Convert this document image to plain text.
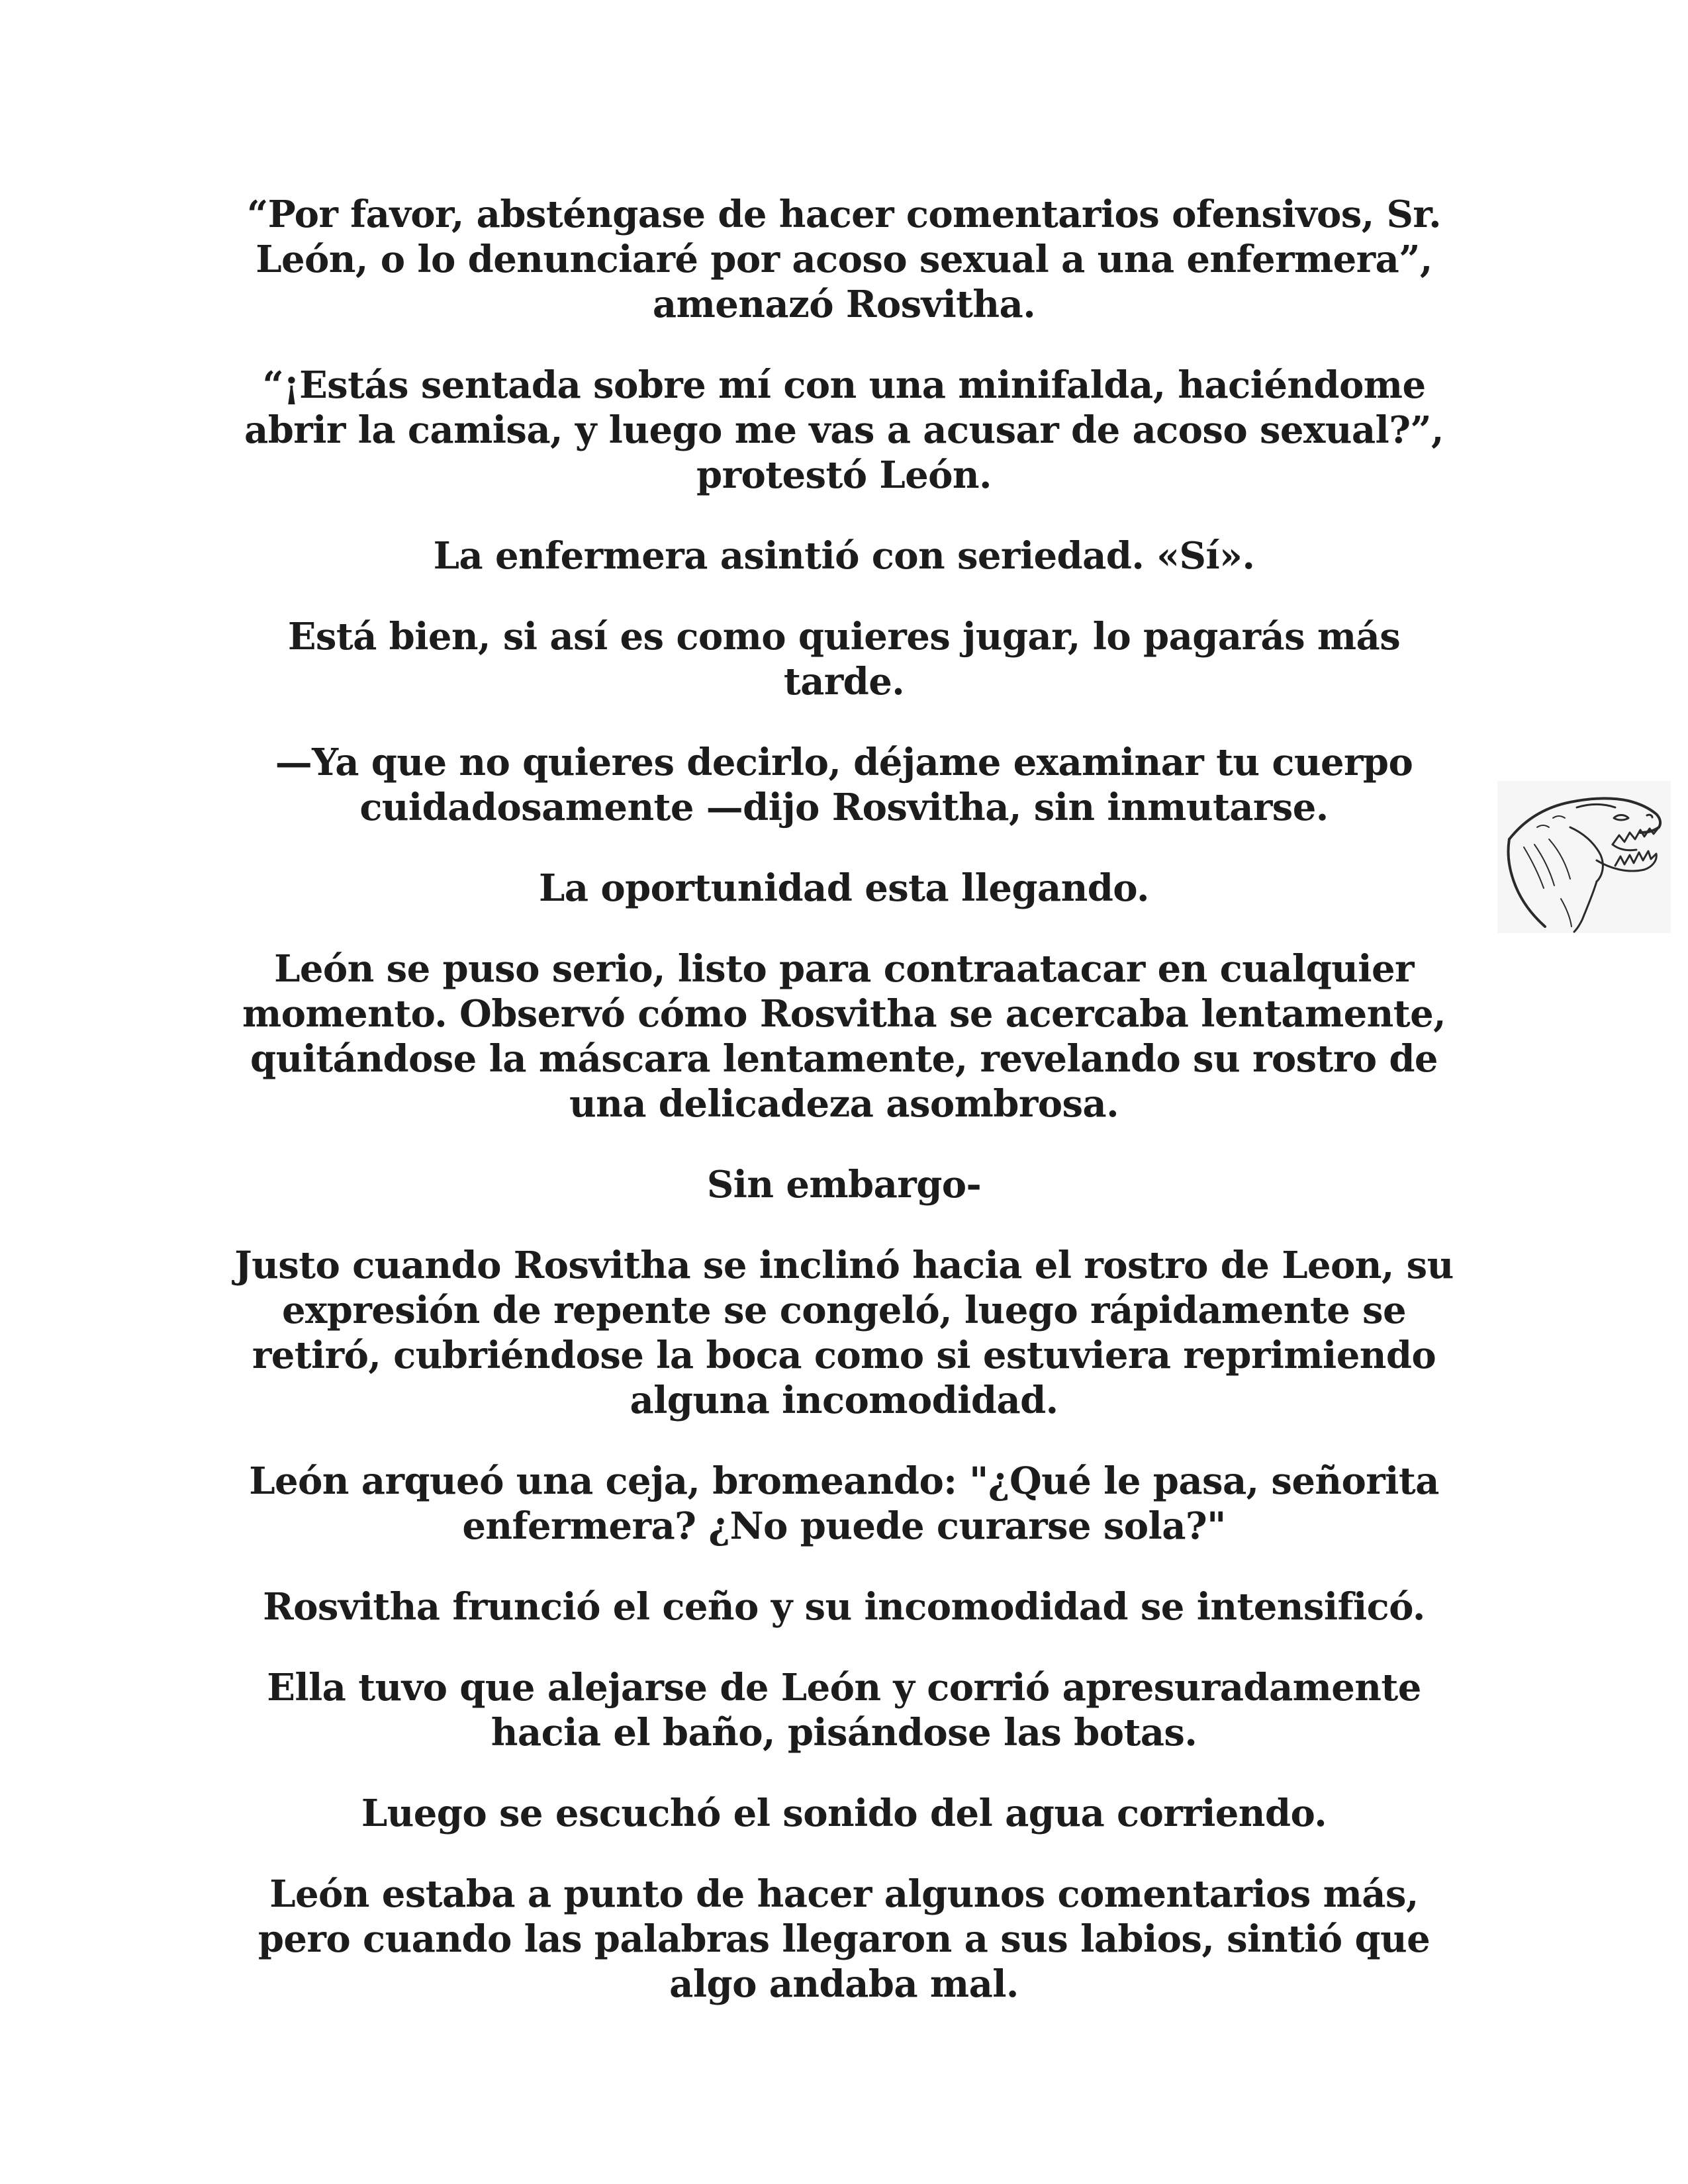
“Por favor, absténgase de hacer comentarios ofensivos, Sr. León, o lo denunciaré por acoso sexual a una enfermera”, amenazó Rosvitha.

“¡Estás sentada sobre mí con una minifalda, haciéndome abrir la camisa, y luego me vas a acusar de acoso sexual?”, protestó León.

La enfermera asintió con seriedad. «Sí».

Está bien, si así es como quieres jugar, lo pagarás más tarde.

—Ya que no quieres decirlo, déjame examinar tu cuerpo cuidadosamente —dijo Rosvitha, sin inmutarse.

La oportunidad esta llegando.

León se puso serio, listo para contraatacar en cualquier momento. Observó cómo Rosvitha se acercaba lentamente, quitándose la máscara lentamente, revelando su rostro de una delicadeza asombrosa.

Sin embargo-

Justo cuando Rosvitha se inclinó hacia el rostro de Leon, su expresión de repente se congeló, luego rápidamente se retiró, cubriéndose la boca como si estuviera reprimiendo alguna incomodidad.

León arqueó una ceja, bromeando: "¿Qué le pasa, señorita enfermera? ¿No puede curarse sola?"

Rosvitha frunció el ceño y su incomodidad se intensificó.

Ella tuvo que alejarse de León y corrió apresuradamente hacia el baño, pisándose las botas.

Luego se escuchó el sonido del agua corriendo.

León estaba a punto de hacer algunos comentarios más, pero cuando las palabras llegaron a sus labios, sintió que algo andaba mal.
